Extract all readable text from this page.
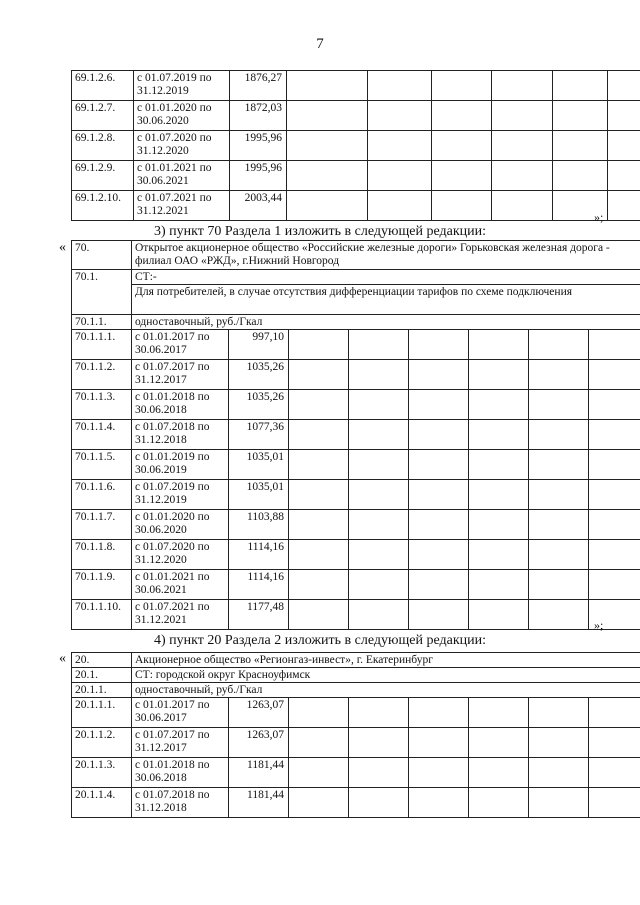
7
69.1.2.6.	с 01.07.2019 по 31.12.2019	1876,27						
69.1.2.7.	с 01.01.2020 по 30.06.2020	1872,03						
69.1.2.8.	с 01.07.2020 по 31.12.2020	1995,96						
69.1.2.9.	с 01.01.2021 по 30.06.2021	1995,96						
69.1.2.10.	с 01.07.2021 по 31.12.2021	2003,44						
»;
3) пункт 70 Раздела 1 изложить в следующей редакции:
« 70.	Открытое акционерное общество «Российские железные дороги» Горьковская железная дорога - филиал ОАО «РЖД», г.Нижний Новгород							
70.1.	СТ:-							
	Для потребителей, в случае отсутствия дифференциации тарифов по схеме подключения							
70.1.1.	одноставочный, руб./Гкал							
70.1.1.1.	с 01.01.2017 по 30.06.2017	997,10						
70.1.1.2.	с 01.07.2017 по 31.12.2017	1035,26						
70.1.1.3.	с 01.01.2018 по 30.06.2018	1035,26						
70.1.1.4.	с 01.07.2018 по 31.12.2018	1077,36						
70.1.1.5.	с 01.01.2019 по 30.06.2019	1035,01						
70.1.1.6.	с 01.07.2019 по 31.12.2019	1035,01						
70.1.1.7.	с 01.01.2020 по 30.06.2020	1103,88						
70.1.1.8.	с 01.07.2020 по 31.12.2020	1114,16						
70.1.1.9.	с 01.01.2021 по 30.06.2021	1114,16						
70.1.1.10.	с 01.07.2021 по 31.12.2021	1177,48						
»;
4) пункт 20 Раздела 2 изложить в следующей редакции:
« 20.	Акционерное общество «Регионгаз-инвест», г. Екатеринбург							
20.1.	СТ: городской округ Красноуфимск							
20.1.1.	одноставочный, руб./Гкал							
20.1.1.1.	с 01.01.2017 по 30.06.2017	1263,07						
20.1.1.2.	с 01.07.2017 по 31.12.2017	1263,07						
20.1.1.3.	с 01.01.2018 по 30.06.2018	1181,44						
20.1.1.4.	с 01.07.2018 по 31.12.2018	1181,44						
